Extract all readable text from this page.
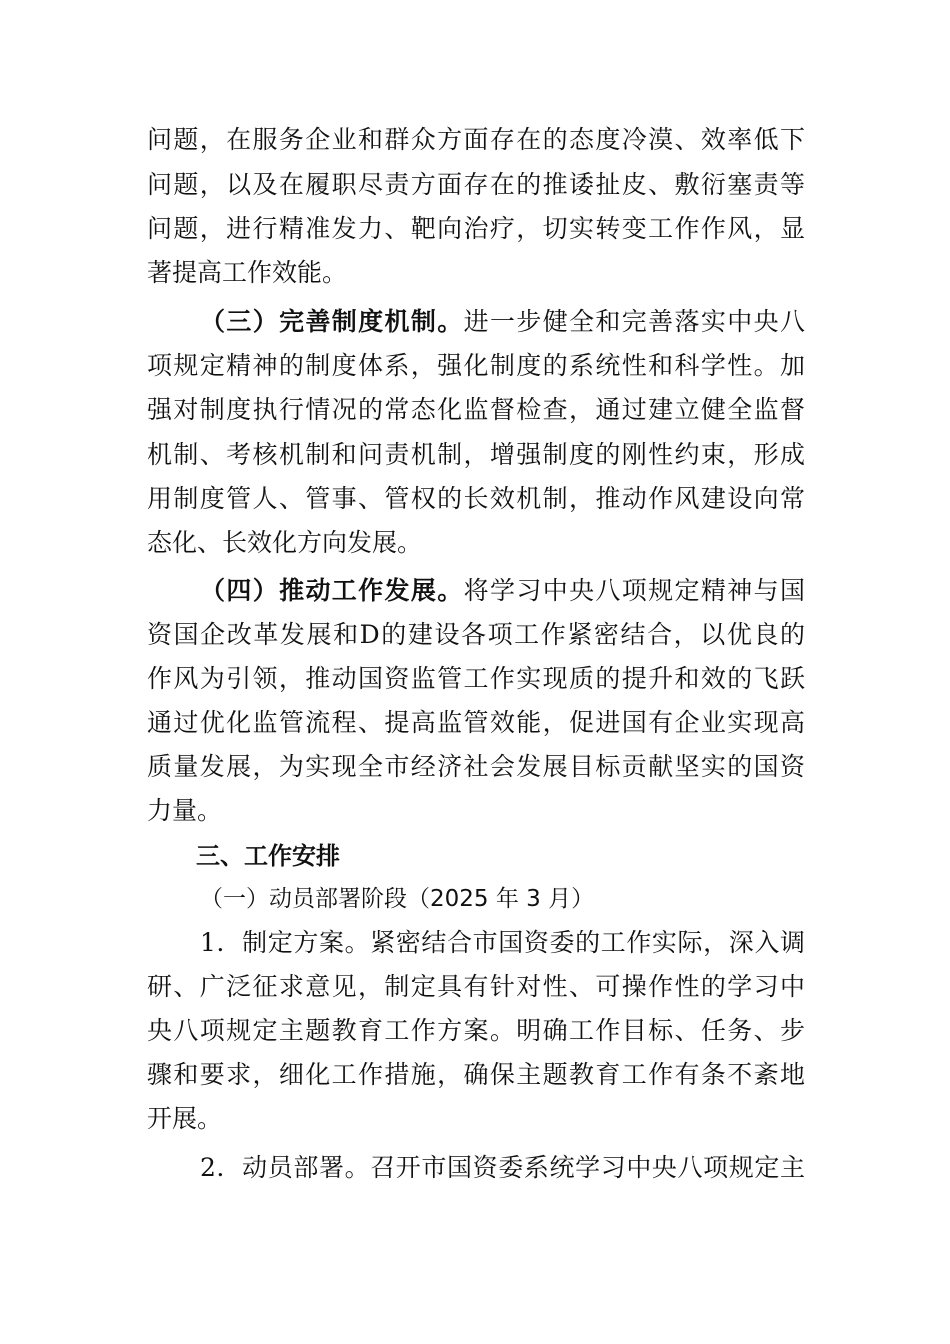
问题，在服务企业和群众方面存在的态度冷漠、效率低下
问题，以及在履职尽责方面存在的推诿扯皮、敷衍塞责等
问题，进行精准发力、靶向治疗，切实转变工作作风，显
著提高工作效能。
（三）完善制度机制。进一步健全和完善落实中央八
项规定精神的制度体系，强化制度的系统性和科学性。加
强对制度执行情况的常态化监督检查，通过建立健全监督
机制、考核机制和问责机制，增强制度的刚性约束，形成
用制度管人、管事、管权的长效机制，推动作风建设向常
态化、长效化方向发展。
（四）推动工作发展。将学习中央八项规定精神与国
资国企改革发展和D的建设各项工作紧密结合，以优良的
作风为引领，推动国资监管工作实现质的提升和效的飞跃
通过优化监管流程、提高监管效能，促进国有企业实现高
质量发展，为实现全市经济社会发展目标贡献坚实的国资
力量。
三、工作安排
（一）动员部署阶段（2025 年 3 月）
1．制定方案。紧密结合市国资委的工作实际，深入调
研、广泛征求意见，制定具有针对性、可操作性的学习中
央八项规定主题教育工作方案。明确工作目标、任务、步
骤和要求，细化工作措施，确保主题教育工作有条不紊地
开展。
2．动员部署。召开市国资委系统学习中央八项规定主
